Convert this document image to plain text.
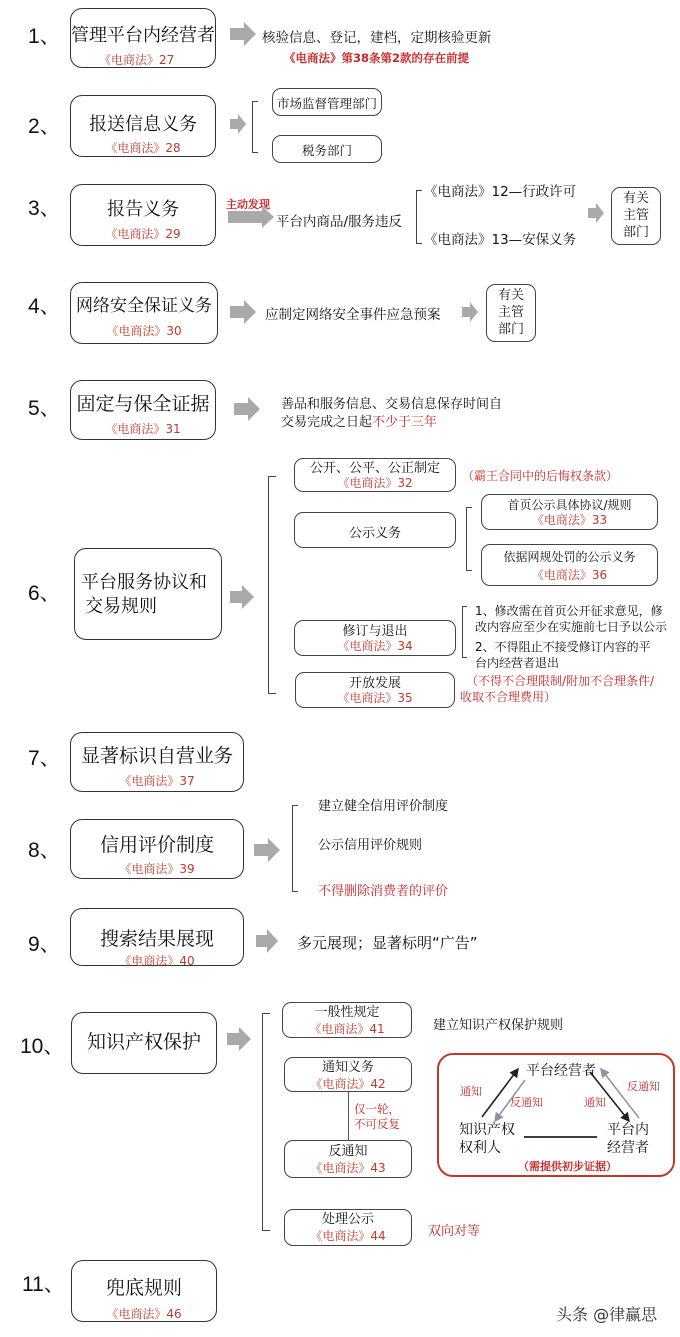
1、 管理平台内经营者
《电商法》27
核验信息、登记，建档，定期核验更新
《电商法》第38条第2款的存在前提
2、	报送信息义务
《电商法》28
市场监督管理部门
税务部门
3、	报告义务
《电商法》29
主动发现
平台内商品/服务违反
《电商法》12—行政许可
《电商法》13—安保义务
有关
主管
部门
4、 网络安全保证义务
《电商法》30
应制定网络安全事件应急预案
有关
主管
部门
5、 固定与保全证据
《电商法》31
善品和服务信息、交易信息保存时间自
交易完成之日起不少于三年
6、 平台服务协议和
交易规则
公开、公平、公正制定
《电商法》32	（霸王合同中的后悔权条款）
公示义务
首页公示具体协议/规则
《电商法》33
依据网规处罚的公示义务
《电商法》36
修订与退出
《电商法》34
1、修改需在首页公开征求意见，修
改内容应至少在实施前七日予以公示
2、不得阻止不接受修订内容的平
台内经营者退出
开放发展
《电商法》35
（不得不合理限制/附加不合理条件/
收取不合理费用）
7、	显著标识自营业务
《电商法》37
8、	信用评价制度
《电商法》39
建立健全信用评价制度
公示信用评价规则
不得删除消费者的评价
9、	搜索结果展现
《电商法》40
多元展现；显著标明“广告”
10、	知识产权保护
一般性规定
《电商法》41	建立知识产权保护规则
通知义务
《电商法》42
仅一轮，
不可反复
反通知
《电商法》43
处理公示
《电商法》44	双向对等
平台经营者
知识产权
权利人
平台内
经营者
通知
反通知	通知
反通知
（需提供初步证据）
11、	兜底规则
《电商法》46	头条 @律赢思
